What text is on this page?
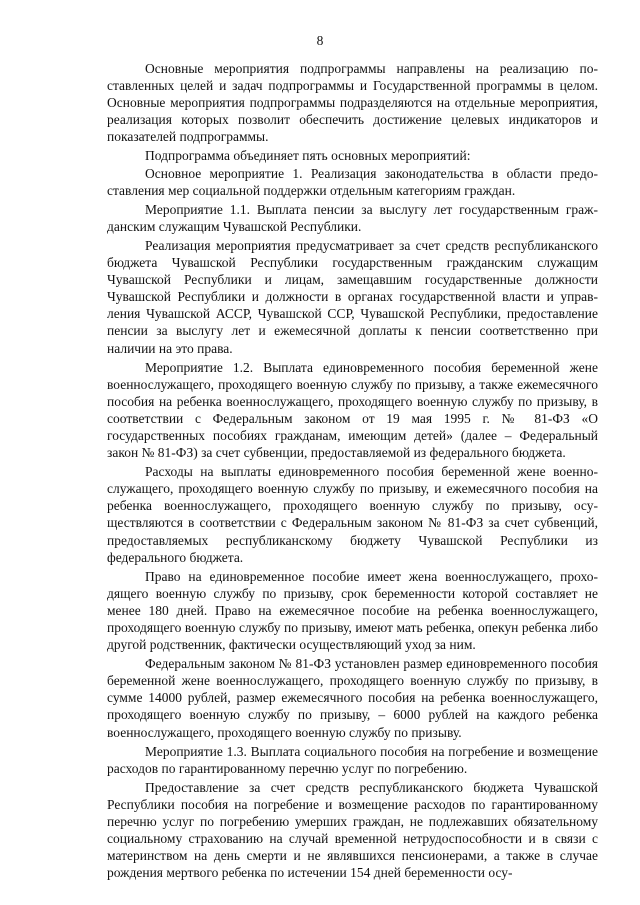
8

Основные мероприятия подпрограммы направлены на реализацию поставленных целей и задач подпрограммы и Государственной программы в целом. Основные мероприятия подпрограммы подразделяются на отдельные мероприятия, реализация которых позволит обеспечить достижение целевых индикаторов и показателей подпрограммы.

Подпрограмма объединяет пять основных мероприятий:

Основное мероприятие 1. Реализация законодательства в области предоставления мер социальной поддержки отдельным категориям граждан.

Мероприятие 1.1. Выплата пенсии за выслугу лет государственным гражданским служащим Чувашской Республики.

Реализация мероприятия предусматривает за счет средств республиканского бюджета Чувашской Республики государственным гражданским служащим Чувашской Республики и лицам, замещавшим государственные должности Чувашской Республики и должности в органах государственной власти и управления Чувашской АССР, Чувашской ССР, Чувашской Республики, предоставление пенсии за выслугу лет и ежемесячной доплаты к пенсии соответственно при наличии на это права.

Мероприятие 1.2. Выплата единовременного пособия беременной жене военнослужащего, проходящего военную службу по призыву, а также ежемесячного пособия на ребенка военнослужащего, проходящего военную службу по призыву, в соответствии с Федеральным законом от 19 мая 1995 г. № 81-ФЗ «О государственных пособиях гражданам, имеющим детей» (далее – Федеральный закон № 81-ФЗ) за счет субвенции, предоставляемой из федерального бюджета.

Расходы на выплаты единовременного пособия беременной жене военнослужащего, проходящего военную службу по призыву, и ежемесячного пособия на ребенка военнослужащего, проходящего военную службу по призыву, осуществляются в соответствии с Федеральным законом № 81-ФЗ за счет субвенций, предоставляемых республиканскому бюджету Чувашской Республики из федерального бюджета.

Право на единовременное пособие имеет жена военнослужащего, проходящего военную службу по призыву, срок беременности которой составляет не менее 180 дней. Право на ежемесячное пособие на ребенка военнослужащего, проходящего военную службу по призыву, имеют мать ребенка, опекун ребенка либо другой родственник, фактически осуществляющий уход за ним.

Федеральным законом № 81-ФЗ установлен размер единовременного пособия беременной жене военнослужащего, проходящего военную службу по призыву, в сумме 14000 рублей, размер ежемесячного пособия на ребенка военнослужащего, проходящего военную службу по призыву, – 6000 рублей на каждого ребенка военнослужащего, проходящего военную службу по призыву.

Мероприятие 1.3. Выплата социального пособия на погребение и возмещение расходов по гарантированному перечню услуг по погребению.

Предоставление за счет средств республиканского бюджета Чувашской Республики пособия на погребение и возмещение расходов по гарантированному перечню услуг по погребению умерших граждан, не подлежавших обязательному социальному страхованию на случай временной нетрудоспособности и в связи с материнством на день смерти и не являвшихся пенсионерами, а также в случае рождения мертвого ребенка по истечении 154 дней беременности осу-
